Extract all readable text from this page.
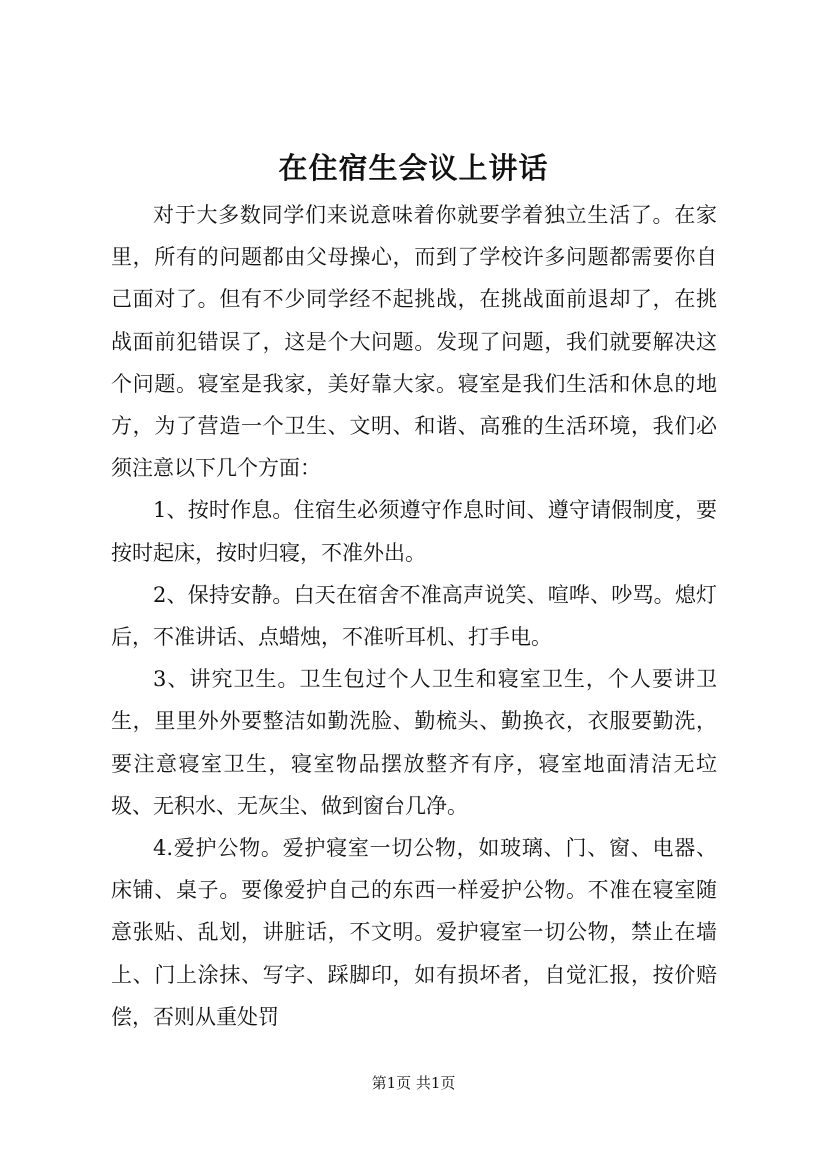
在住宿生会议上讲话

对于大多数同学们来说意味着你就要学着独立生活了。在家里，所有的问题都由父母操心，而到了学校许多问题都需要你自己面对了。但有不少同学经不起挑战，在挑战面前退却了，在挑战面前犯错误了，这是个大问题。发现了问题，我们就要解决这个问题。寝室是我家，美好靠大家。寝室是我们生活和休息的地方，为了营造一个卫生、文明、和谐、高雅的生活环境，我们必须注意以下几个方面：

1、按时作息。住宿生必须遵守作息时间、遵守请假制度，要按时起床，按时归寝，不准外出。

2、保持安静。白天在宿舍不准高声说笑、喧哗、吵骂。熄灯后，不准讲话、点蜡烛，不准听耳机、打手电。

3、讲究卫生。卫生包过个人卫生和寝室卫生，个人要讲卫生，里里外外要整洁如勤洗脸、勤梳头、勤换衣，衣服要勤洗，要注意寝室卫生，寝室物品摆放整齐有序，寝室地面清洁无垃圾、无积水、无灰尘、做到窗台几净。

4.爱护公物。爱护寝室一切公物，如玻璃、门、窗、电器、床铺、桌子。要像爱护自己的东西一样爱护公物。不准在寝室随意张贴、乱划，讲脏话，不文明。爱护寝室一切公物，禁止在墙上、门上涂抹、写字、踩脚印，如有损坏者，自觉汇报，按价赔偿，否则从重处罚

第1页 共1页
